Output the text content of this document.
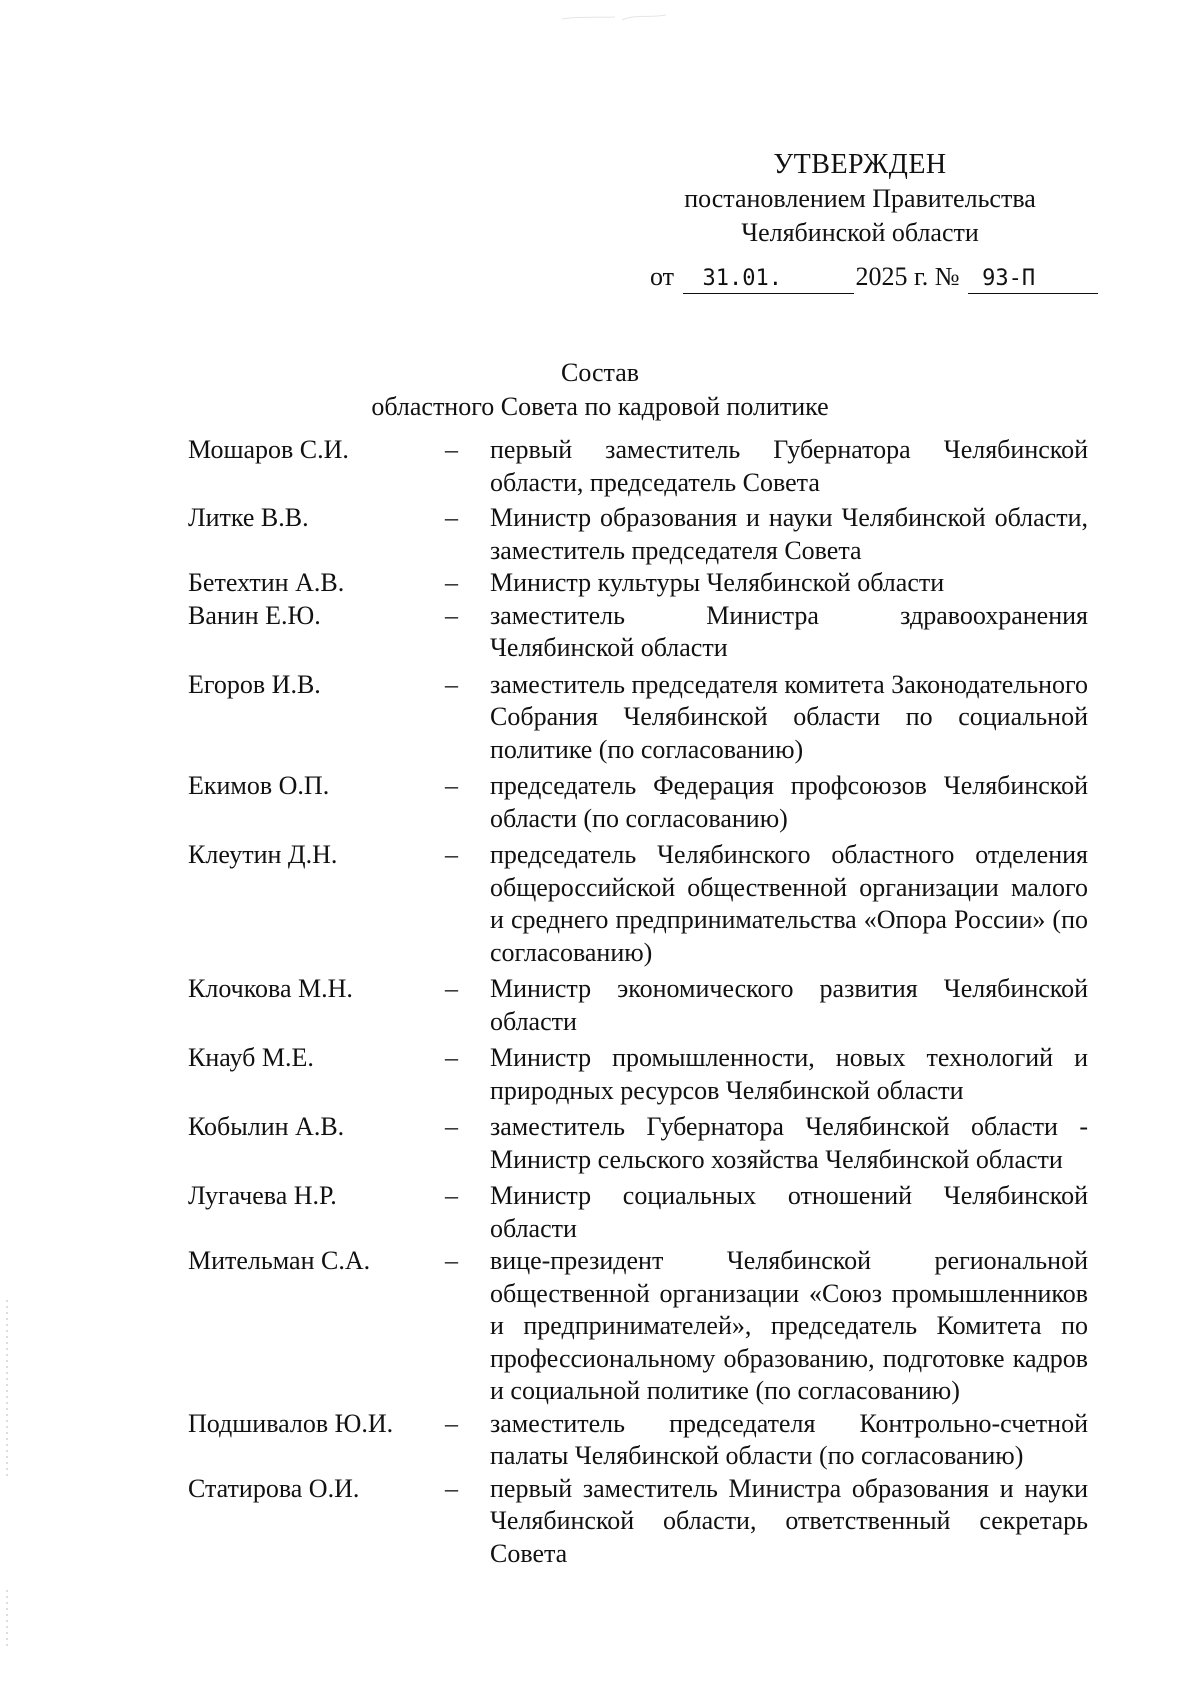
УТВЕРЖДЕН
постановлением Правительства
Челябинской области
от 31.01.	2025 г. № 93-П
Состав
областного Совета по кадровой политике
Мошаров С.И.	–	первый заместитель Губернатора Челябинской области, председатель Совета
Литке В.В.	–	Министр образования и науки Челябинской области, заместитель председателя Совета
Бетехтин А.В.	–	Министр культуры Челябинской области
Ванин Е.Ю.	–	заместитель Министра здравоохранения Челябинской области
Егоров И.В.	–	заместитель председателя комитета Законодательного Собрания Челябинской области по социальной политике (по согласованию)
Екимов О.П.	–	председатель Федерация профсоюзов Челябинской области (по согласованию)
Клеутин Д.Н.	–	председатель Челябинского областного отделения общероссийской общественной организации малого и среднего предпринимательства «Опора России» (по согласованию)
Клочкова М.Н.	–	Министр экономического развития Челябинской области
Кнауб М.Е.	–	Министр промышленности, новых технологий и природных ресурсов Челябинской области
Кобылин А.В.	–	заместитель Губернатора Челябинской области - Министр сельского хозяйства Челябинской области
Лугачева Н.Р.	–	Министр социальных отношений Челябинской области
Мительман С.А.	–	вице-президент Челябинской региональной общественной организации «Союз промышленников и предпринимателей», председатель Комитета по профессиональному образованию, подготовке кадров и социальной политике (по согласованию)
Подшивалов Ю.И.	–	заместитель председателя Контрольно-счетной палаты Челябинской области (по согласованию)
Статирова О.И.	–	первый заместитель Министра образования и науки Челябинской области, ответственный секретарь Совета
